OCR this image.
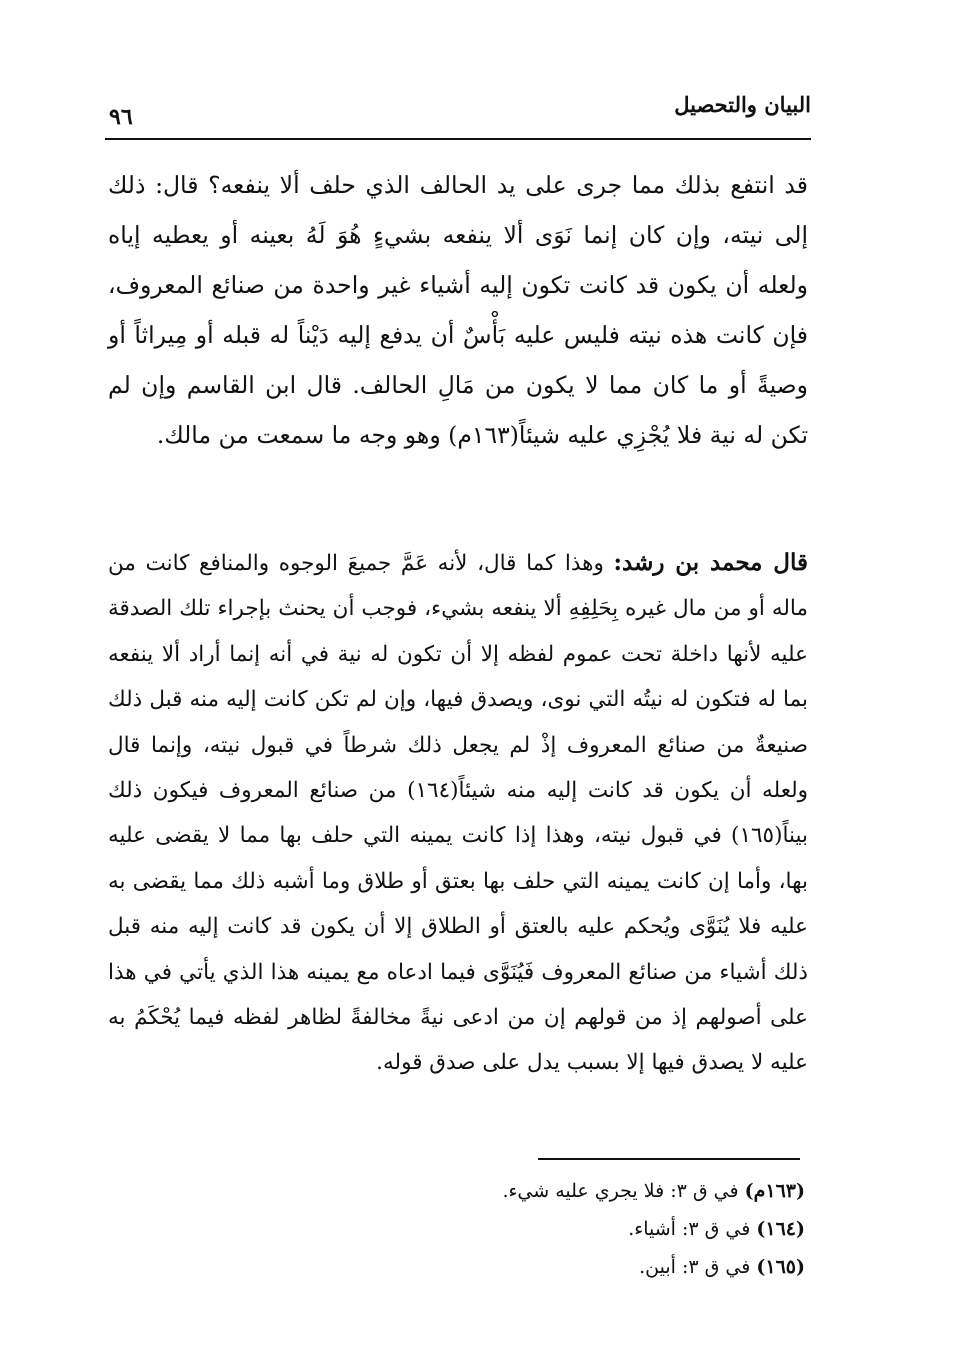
البيان والتحصيل
٩٦

قد انتفع بذلك مما جرى على يد الحالف الذي حلف ألا ينفعه؟ قال: ذلك إلى نيته، وإن كان إنما نَوَى ألا ينفعه بشيءٍ هُوَ لَهُ بعينه أو يعطيه إياه ولعله أن يكون قد كانت تكون إليه أشياء غير واحدة من صنائع المعروف، فإن كانت هذه نيته فليس عليه بَأْسٌ أن يدفع إليه دَيْناً له قبله أو مِيراثاً أو وصيةً أو ما كان مما لا يكون من مَالِ الحالف. قال ابن القاسم وإن لم تكن له نية فلا يُجْزِي عليه شيئاً(١٦٣م) وهو وجه ما سمعت من مالك.

قال محمد بن رشد: وهذا كما قال، لأنه عَمَّ جميعَ الوجوه والمنافع كانت من ماله أو من مال غيره بِحَلِفِهِ ألا ينفعه بشيء، فوجب أن يحنث بإجراء تلك الصدقة عليه لأنها داخلة تحت عموم لفظه إلا أن تكون له نية في أنه إنما أراد ألا ينفعه بما له فتكون له نيتُه التي نوى، ويصدق فيها، وإن لم تكن كانت إليه منه قبل ذلك صنيعةٌ من صنائع المعروف إذْ لم يجعل ذلك شرطاً في قبول نيته، وإنما قال ولعله أن يكون قد كانت إليه منه شيئاً(١٦٤) من صنائع المعروف فيكون ذلك بيناً(١٦٥) في قبول نيته، وهذا إذا كانت يمينه التي حلف بها مما لا يقضى عليه بها، وأما إن كانت يمينه التي حلف بها بعتق أو طلاق وما أشبه ذلك مما يقضى به عليه فلا يُنَوَّى ويُحكم عليه بالعتق أو الطلاق إلا أن يكون قد كانت إليه منه قبل ذلك أشياء من صنائع المعروف فَيُنَوَّى فيما ادعاه مع يمينه هذا الذي يأتي في هذا على أصولهم إذ من قولهم إن من ادعى نيةً مخالفةً لظاهر لفظه فيما يُحْكَمُ به عليه لا يصدق فيها إلا بسبب يدل على صدق قوله.

(١٦٣م) في ق ٣: فلا يجري عليه شيء.
(١٦٤) في ق ٣: أشياء.
(١٦٥) في ق ٣: أبين.
